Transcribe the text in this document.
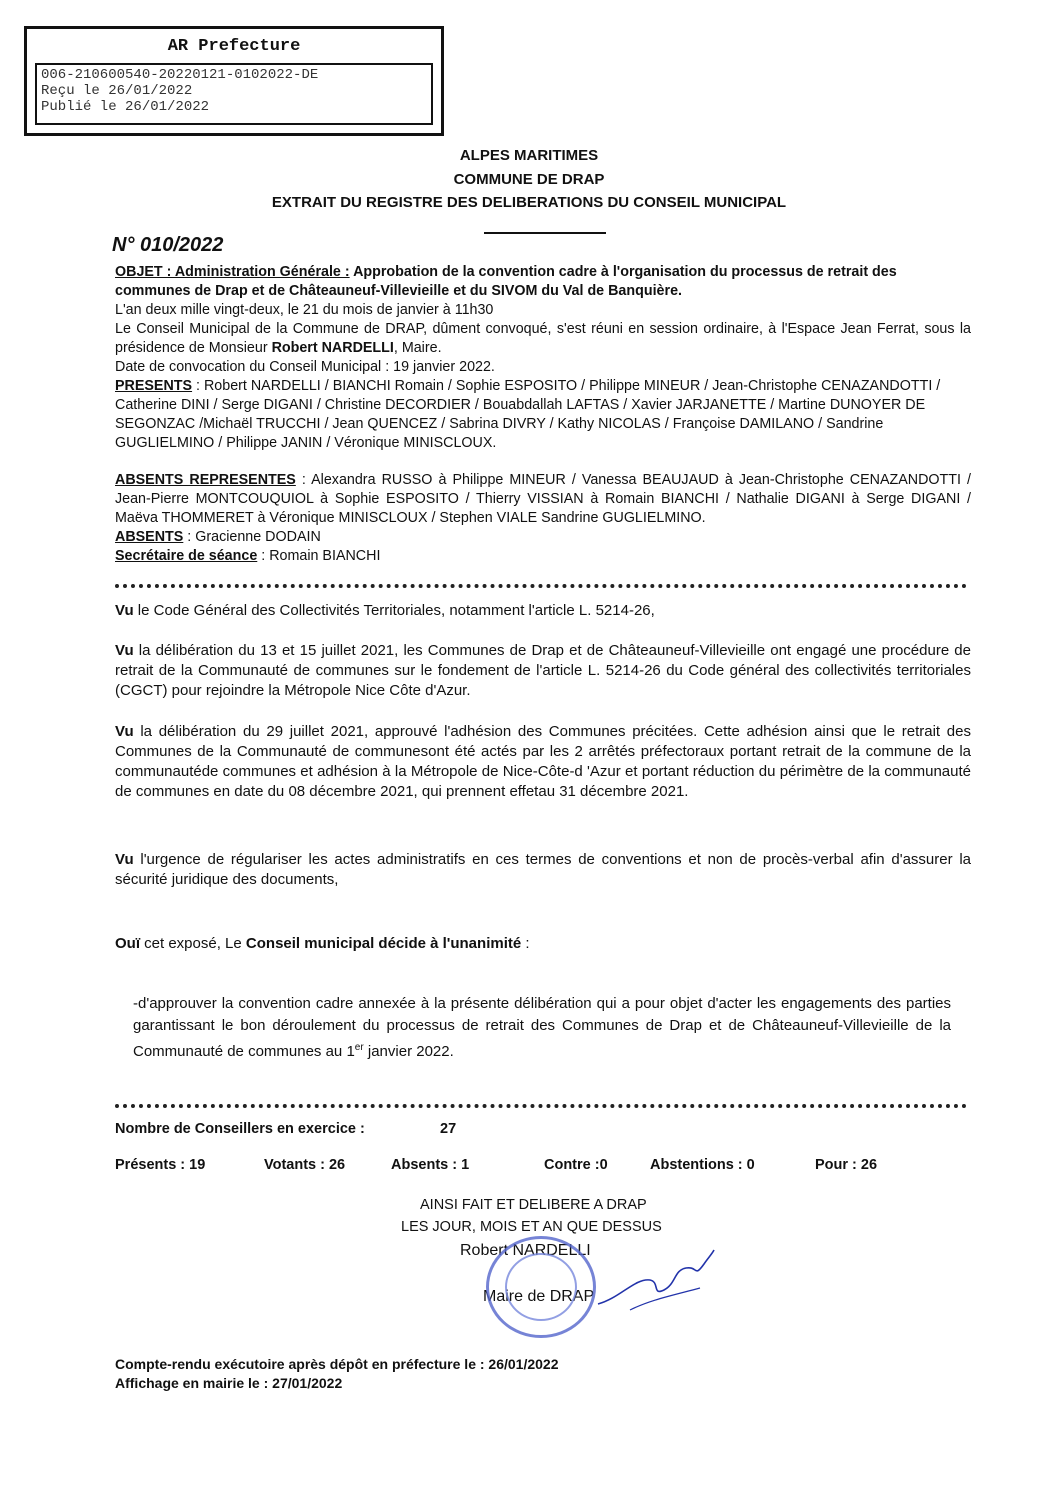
AR Prefecture
006-210600540-20220121-0102022-DE
Reçu le 26/01/2022
Publié le 26/01/2022
ALPES MARITIMES
COMMUNE DE DRAP
EXTRAIT DU REGISTRE DES DELIBERATIONS DU CONSEIL MUNICIPAL
N° 010/2022

OBJET : Administration Générale : Approbation de la convention cadre à l'organisation du processus de retrait des communes de Drap et de Châteauneuf-Villevieille et du SIVOM du Val de Banquière.

L'an deux mille vingt-deux, le 21 du mois de janvier à 11h30

Le Conseil Municipal de la Commune de DRAP, dûment convoqué, s'est réuni en session ordinaire, à l'Espace Jean Ferrat, sous la présidence de Monsieur Robert NARDELLI, Maire.

Date de convocation du Conseil Municipal : 19 janvier 2022.

PRESENTS : Robert NARDELLI / BIANCHI Romain / Sophie ESPOSITO / Philippe MINEUR / Jean-Christophe CENAZANDOTTI / Catherine DINI / Serge DIGANI / Christine DECORDIER / Bouabdallah LAFTAS / Xavier JARJANETTE / Martine DUNOYER DE SEGONZAC /Michaël TRUCCHI / Jean QUENCEZ / Sabrina DIVRY / Kathy NICOLAS / Françoise DAMILANO / Sandrine GUGLIELMINO / Philippe JANIN / Véronique MINISCLOUX.

ABSENTS REPRESENTES : Alexandra RUSSO à Philippe MINEUR / Vanessa BEAUJAUD à Jean-Christophe CENAZANDOTTI / Jean-Pierre MONTCOUQUIOL à Sophie ESPOSITO / Thierry VISSIAN à Romain BIANCHI / Nathalie DIGANI à Serge DIGANI / Maëva THOMMERET à Véronique MINISCLOUX / Stephen VIALE Sandrine GUGLIELMINO.

ABSENTS : Gracienne DODAIN

Secrétaire de séance : Romain BIANCHI

Vu le Code Général des Collectivités Territoriales, notamment l'article L. 5214-26,
Vu la délibération du 13 et 15 juillet 2021, les Communes de Drap et de Châteauneuf-Villevieille ont engagé une procédure de retrait de la Communauté de communes sur le fondement de l'article L. 5214-26 du Code général des collectivités territoriales (CGCT) pour rejoindre la Métropole Nice Côte d'Azur.
Vu la délibération du 29 juillet 2021, approuvé l'adhésion des Communes précitées. Cette adhésion ainsi que le retrait des Communes de la Communauté de communesont été actés par les 2 arrêtés préfectoraux portant retrait de la commune de la communautéde communes et adhésion à la Métropole de Nice-Côte-d 'Azur et portant réduction du périmètre de la communauté de communes en date du 08 décembre 2021, qui prennent effetau 31 décembre 2021.
Vu l'urgence de régulariser les actes administratifs en ces termes de conventions et non de procès-verbal afin d'assurer la sécurité juridique des documents,
Ouï cet exposé, Le Conseil municipal décide à l'unanimité :
-d'approuver la convention cadre annexée à la présente délibération qui a pour objet d'acter les engagements des parties garantissant le bon déroulement du processus de retrait des Communes de Drap et de Châteauneuf-Villevieille de la Communauté de communes au 1er janvier 2022.
Nombre de Conseillers en exercice :	27
Présents : 19	Votants : 26	Absents : 1	Contre :0	Abstentions : 0	Pour : 26
AINSI FAIT ET DELIBERE A DRAP
LES JOUR, MOIS ET AN QUE DESSUS
Robert NARDELLI
Maire de DRAP
Compte-rendu exécutoire après dépôt en préfecture le : 26/01/2022
Affichage en mairie le : 27/01/2022
